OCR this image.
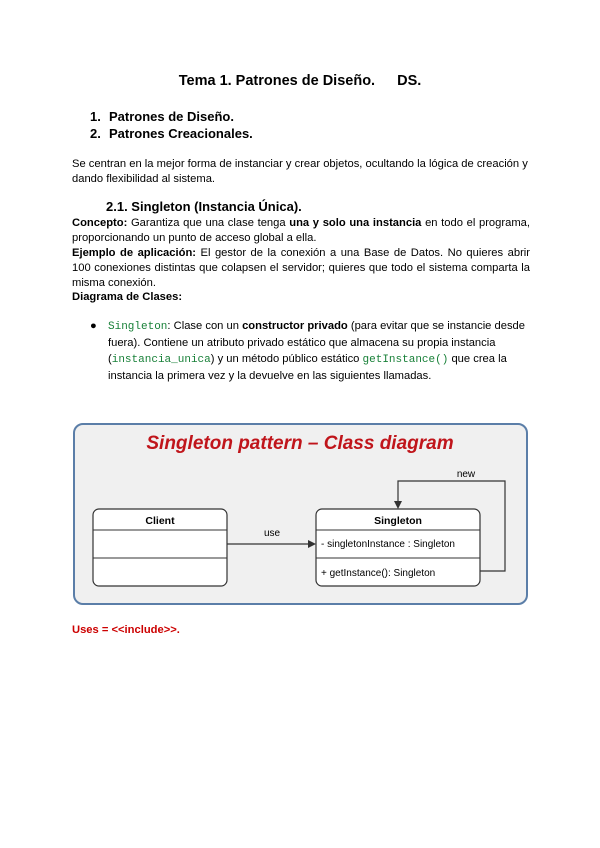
Tema 1. Patrones de Diseño. DS.
1. Patrones de Diseño.
2. Patrones Creacionales.
Se centran en la mejor forma de instanciar y crear objetos, ocultando la lógica de creación y
dando flexibilidad al sistema.
2.1. Singleton (Instancia Única).
Concepto: Garantiza que una clase tenga una y solo una instancia en todo el programa, proporcionando un punto de acceso global a ella.
Ejemplo de aplicación: El gestor de la conexión a una Base de Datos. No quieres abrir 100 conexiones distintas que colapsen el servidor; quieres que todo el sistema comparta la misma conexión.
Diagrama de Clases:
● Singleton: Clase con un constructor privado (para evitar que se instancie desde fuera). Contiene un atributo privado estático que almacena su propia instancia (instancia_unica) y un método público estático getInstance() que crea la instancia la primera vez y la devuelve en las siguientes llamadas.
Singleton pattern – Class diagram
Client	Singleton
- singletonInstance : Singleton
+ getInstance(): Singleton
use
new
Uses = <<include>>.
